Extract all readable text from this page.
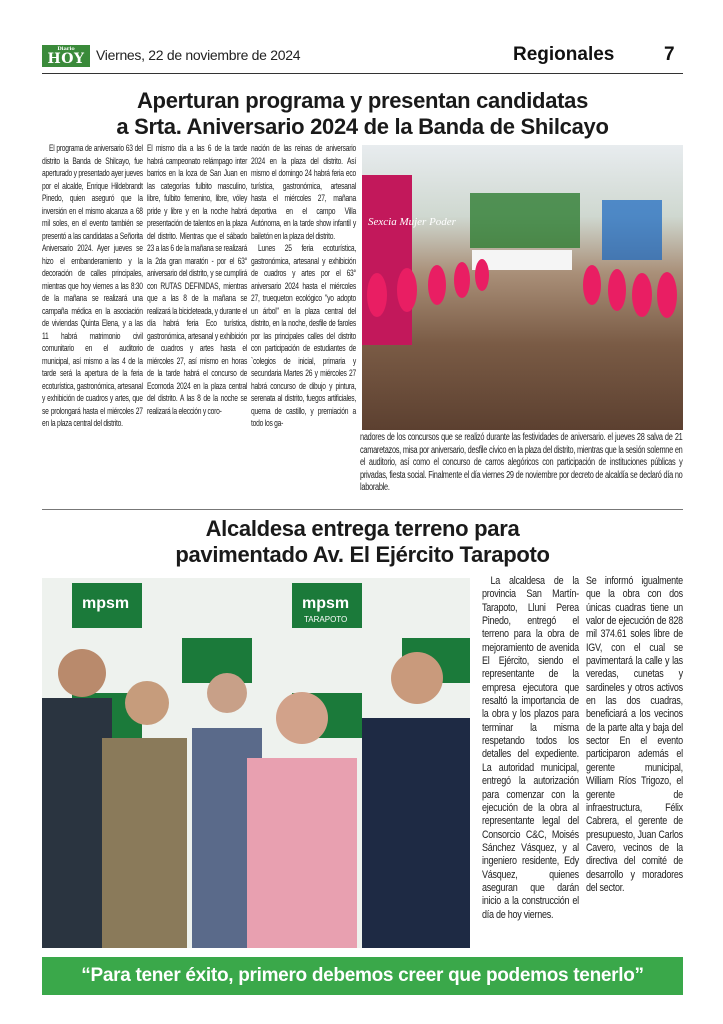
Diario
HOY Viernes, 22 de noviembre de 2024	Regionales	7
Aperturan programa y presentan candidatas
a Srta. Aniversario 2024 de la Banda de Shilcayo
El programa de aniversario 63 del distrito la Banda de Shilcayo, fue aperturado y presentado ayer jueves por el alcalde, Enrique Hildebrandt Pinedo, quien aseguró que la inversión en el mismo alcanza a 68 mil soles, en el evento también se presentó a las candidatas a Señorita Aniversario 2024. Ayer jueves se hizo el embanderamiento y la decoración de calles principales, mientras que hoy viernes a las 8:30 de la mañana se realizará una campaña médica en la asociación de viviendas Quinta Elena, y a las 11 habrá matrimonio civil comunitario en el auditorio municipal, así mismo a las 4 de la tarde será la apertura de la feria ecoturística, gastronómica, artesanal y exhibición de cuadros y artes, que se prolongará hasta el miércoles 27 en la plaza central del distrito.
El mismo día a las 6 de la tarde habrá campeonato relámpago inter barrios en la loza de San Juan en las categorías fulbito masculino, libre, fulbito femenino, libre, vóley pride y libre y en la noche habrá presentación de talentos en la plaza del distrito. Mientras que el sábado 23 a las 6 de la mañana se realizará la 2da gran maratón - por el 63° aniversario del distrito, y se cumplirá con RUTAS DEFINIDAS, mientras que a las 8 de la mañana se realizará la bicicleteada, y durante el día habrá feria Eco turística, gastronómica, artesanal y exhibición de cuadros y artes hasta el miércoles 27, así mismo en horas de la tarde habrá el concurso de Ecomoda 2024 en la plaza central del distrito. A las 8 de la noche se realizará la elección y coro-
nación de las reinas de aniversario 2024 en la plaza del distrito. Así mismo el domingo 24 habrá feria eco turística, gastronómica, artesanal hasta el miércoles 27, mañana deportiva en el campo Villa Autónoma, en la tarde show infantil y bailetón en la plaza del distrito.
Lunes 25 feria ecoturística, gastronómica, artesanal y exhibición de cuadros y artes por el 63° aniversario 2024 hasta el miércoles 27, truequeton ecológico "yo adopto un árbol" en la plaza central del distrito, en la noche, desfile de faroles por las principales calles del distrito con participación de estudiantes de `colegios de inicial, primaria y secundaria Martes 26 y miércoles 27 habrá concurso de dibujo y pintura, serenata al distrito, fuegos artificiales, quema de castillo, y premiación a todo los ga-
Sexcia Mujer Poder
nadores de los concursos que se realizó durante las festividades de aniversario. el jueves 28 salva de 21 camaretazos, misa por aniversario, desfile cívico en la plaza del distrito, mientras que la sesión solemne en el auditorio, así como el concurso de carros alegóricos con participación de instituciones públicas y privadas, fiesta social. Finalmente el día viernes 29 de noviembre por decreto de alcaldía se declaró día no laborable.
Alcaldesa entrega terreno para
pavimentado Av. El Ejército Tarapoto
mpsm	mpsm
TARAPOTO
La alcaldesa de la provincia San Martín-Tarapoto, Lluni Perea Pinedo, entregó el terreno para la obra de mejoramiento de avenida El Ejército, siendo el representante de la empresa ejecutora que resaltó la importancia de la obra y los plazos para terminar la misma respetando todos los detalles del expediente. La autoridad municipal, entregó la autorización para comenzar con la ejecución de la obra al representante legal del Consorcio C&C, Moisés Sánchez Vásquez, y al ingeniero residente, Edy Vásquez, quienes aseguran que darán inicio a la construcción el día de hoy viernes.
Se informó igualmente que la obra con dos únicas cuadras tiene un valor de ejecución de 828 mil 374.61 soles libre de IGV, con el cual se pavimentará la calle y las veredas, cunetas y sardineles y otros activos en las dos cuadras, beneficiará a los vecinos de la parte alta y baja del sector En el evento participaron además el gerente municipal, William Ríos Trigozo, el gerente de infraestructura, Félix Cabrera, el gerente de presupuesto, Juan Carlos Cavero, vecinos de la directiva del comité de desarrollo y moradores del sector.
“Para tener éxito, primero debemos creer que podemos tenerlo”
